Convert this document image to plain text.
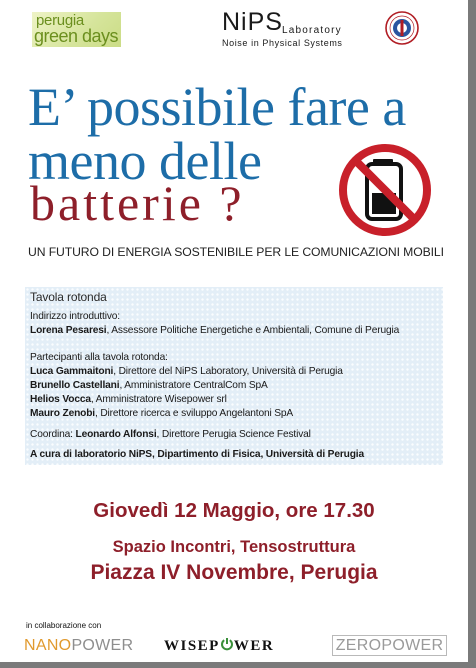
perugia
green days	NiPS Laboratory
Noise in Physical Systems
E’ possibile fare a
meno delle
batterie ?
UN FUTURO DI ENERGIA SOSTENIBILE PER LE COMUNICAZIONI MOBILI
Tavola rotonda
Indirizzo introduttivo:
Lorena Pesaresi, Assessore Politiche Energetiche e Ambientali, Comune di Perugia
Partecipanti alla tavola rotonda:
Luca Gammaitoni, Direttore del NiPS Laboratory, Università di Perugia
Brunello Castellani, Amministratore CentralCom SpA
Helios Vocca, Amministratore Wisepower srl
Mauro Zenobi, Direttore ricerca e sviluppo Angelantoni SpA
Coordina: Leonardo Alfonsi, Direttore Perugia Science Festival
A cura di laboratorio NiPS, Dipartimento di Fisica, Università di Perugia
Giovedì 12 Maggio, ore 17.30
Spazio Incontri, Tensostruttura
Piazza IV Novembre, Perugia
in collaborazione con
NANOPOWER WISEP WER	ZEROPOWER
